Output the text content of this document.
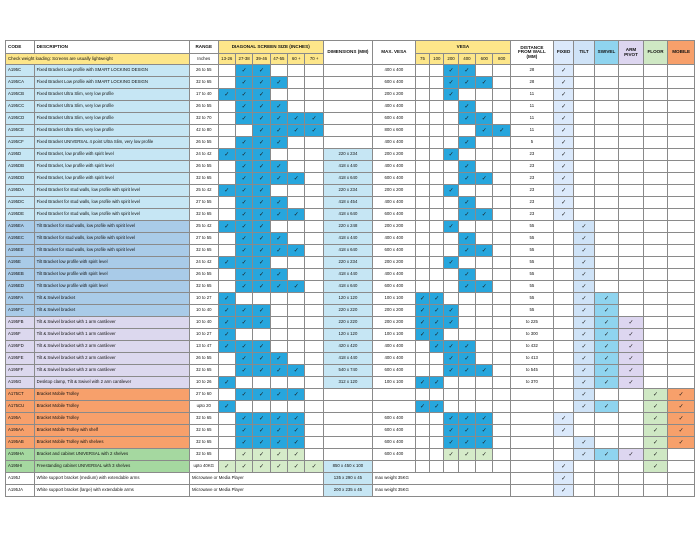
CODE	DESCRIPTION	RANGE	DIAGONAL SCREEN SIZE (INCHES)						DIMENSIONS (MM)	MAX. VESA	VESA						DISTANCE FROM WALL (MM)	FIXED	TILT	SWIVEL	ARM PIVOT	FLOOR	MOBILE
Check weight loading: Screens are usually lightweight		Inches	13-26	27-38	39-46	47-55	60 +	70 +			75	100	200	400	600	800							
A195C	Fixed Bracket Low profile with SMART LOCKING DESIGN	26 to 55		✓	✓					400 x 400			✓	✓			28	✓					
A195CA	Fixed Bracket Low profile with SMART LOCKING DESIGN	32 to 65		✓	✓	✓				600 x 400			✓	✓	✓		28	✓					
A195CB	Fixed Bracket Ultra Slim, very low profile	17 to 40	✓	✓	✓					200 x 200			✓				11	✓					
A195CC	Fixed Bracket Ultra Slim, very low profile	26 to 55		✓	✓	✓				400 x 400				✓			11	✓					
A195CD	Fixed Bracket Ultra Slim, very low profile	32 to 70		✓	✓	✓	✓	✓		600 x 400				✓	✓		11	✓					
A195CE	Fixed Bracket Ultra Slim, very low profile	42 to 80			✓	✓	✓	✓		800 x 600					✓	✓	11	✓					
A195CF	Fixed Bracket UNIVERSAL 4 point Ultra Slim, very low profile	26 to 55		✓	✓	✓				400 x 400				✓			5	✓					
A195D	Fixed Bracket, low profile with spirit level	24 to 42	✓	✓	✓				220 x 234	200 x 200			✓				23	✓					
A195DB	Fixed Bracket, low profile with spirit level	26 to 55		✓	✓	✓			418 x 440	400 x 400				✓			23	✓					
A195DD	Fixed Bracket, low profile with spirit level	32 to 65		✓	✓	✓	✓		418 x 640	600 x 400				✓	✓		23	✓					
A195DA	Fixed Bracket for stud walls, low profile with spirit level	25 to 42	✓	✓	✓				220 x 234	200 x 200			✓				23	✓					
A195DC	Fixed Bracket for stud walls, low profile with spirit level	27 to 55		✓	✓	✓			418 x 454	400 x 400				✓			23	✓					
A195DE	Fixed Bracket for stud walls, low profile with spirit level	32 to 65		✓	✓	✓	✓		418 x 640	600 x 400				✓	✓		23	✓					
A195EA	Tilt Bracket for stud walls, low profile with spirit level	25 to 42	✓	✓	✓				220 x 248	200 x 200			✓				55		✓				
A195EC	Tilt Bracket for stud walls, low profile with spirit level	27 to 55		✓	✓	✓			418 x 440	400 x 400				✓			55		✓				
A195EE	Tilt Bracket for stud walls, low profile with spirit level	32 to 65		✓	✓	✓	✓		418 x 640	600 x 400				✓	✓		55		✓				
A195E	Tilt Bracket low profile with spirit level	24 to 42	✓	✓	✓				220 x 234	200 x 200			✓				55		✓				
A195EB	Tilt Bracket low profile with spirit level	26 to 55		✓	✓	✓			418 x 440	400 x 400				✓			55		✓				
A195ED	Tilt Bracket low profile with spirit level	32 to 65		✓	✓	✓	✓		418 x 640	600 x 400				✓	✓		55		✓				
A195FA	Tilt & Swivel bracket	10 to 27	✓						120 x 120	100 x 100	✓	✓					55		✓	✓			
A195FC	Tilt & Swivel bracket	10 to 40	✓	✓	✓				220 x 220	200 x 200	✓	✓	✓				55		✓	✓			
A195FB	Tilt & Swivel bracket with 1 arm cantilever	10 to 40	✓	✓	✓				220 x 220	200 x 200	✓	✓	✓				to 225		✓	✓	✓		
A195F	Tilt & Swivel bracket with 1 arm cantilever	10 to 27	✓						120 x 120	100 x 100	✓	✓					to 300		✓	✓	✓		
A195FD	Tilt & Swivel bracket with 2 arm cantilever	13 to 47	✓	✓	✓				420 x 420	400 x 400		✓	✓	✓			to 432		✓	✓	✓		
A195FE	Tilt & Swivel bracket with 2 arm cantilever	26 to 55		✓	✓	✓			418 x 440	400 x 400			✓	✓			to 413		✓	✓	✓		
A195FF	Tilt & Swivel bracket with 2 arm cantilever	32 to 65		✓	✓	✓	✓		540 x 740	600 x 400			✓	✓	✓		to 545		✓	✓	✓		
A195G	Desktop clamp, Tilt & Swivel with 2 arm cantilever	10 to 26	✓						312 x 120	100 x 100	✓	✓					to 370		✓	✓	✓		
A175CT	Bracket Mobile Trolley	27 to 60		✓	✓	✓	✓												✓			✓	✓
A175CU	Bracket Mobile Trolley	upto 20	✓								✓	✓							✓	✓		✓	✓
A195A	Bracket Mobile Trolley	32 to 65		✓	✓	✓	✓			600 x 400			✓	✓	✓			✓				✓	✓
A195AA	Bracket Mobile Trolley with shelf	32 to 65		✓	✓	✓	✓			600 x 400			✓	✓	✓			✓				✓	✓
A195AB	Bracket Mobile Trolley with shelves	32 to 65		✓	✓	✓	✓			600 x 400			✓	✓	✓				✓			✓	✓
A195HA	Bracket and cabinet UNIVERSAL with 2 shelves	32 to 65		✓	✓	✓	✓			600 x 400			✓	✓	✓				✓	✓	✓	✓	
A195HI	Freestanding cabinet UNIVERSAL with 3 shelves	upto 40KG	✓	✓	✓	✓	✓	✓	850 x 450 x 100									✓				✓	
A195J	White support bracket (medium) with extendable arms	Microwave or Media Player							135 x 290 x 45	max weight 35KG								✓					
A195JA	White support bracket (large) with extendable arms	Microwave or Media Player							200 x 235 x 45	max weight 35KG								✓					
